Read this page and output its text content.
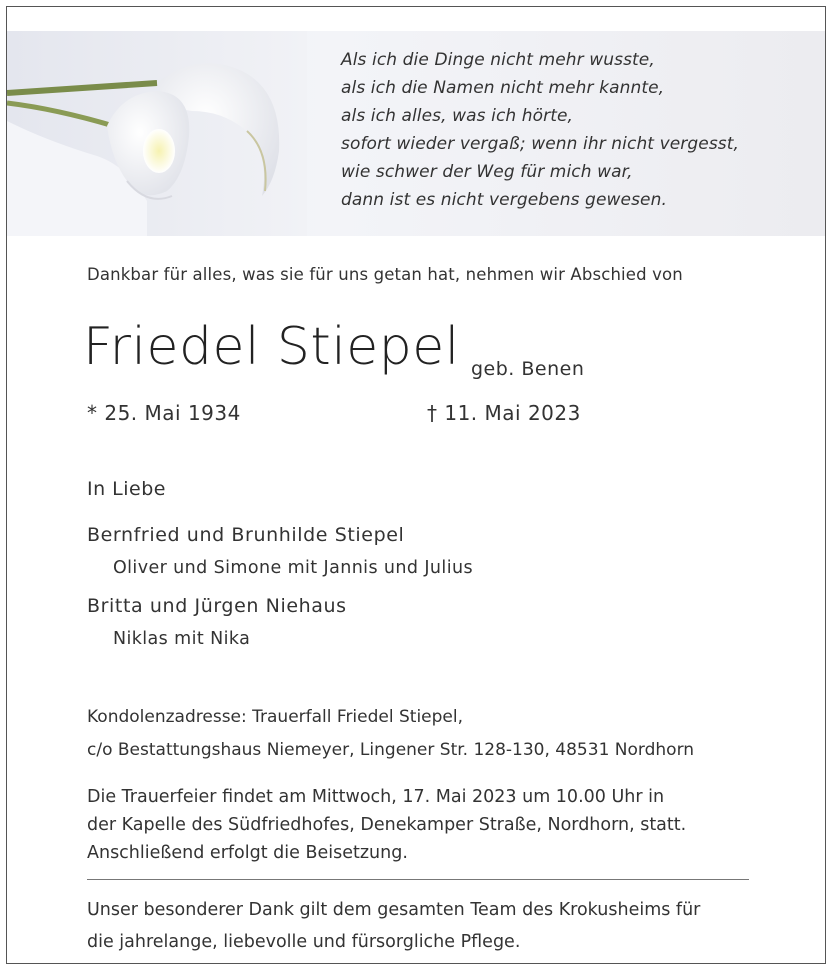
Als ich die Dinge nicht mehr wusste,
als ich die Namen nicht mehr kannte,
als ich alles, was ich hörte,
sofort wieder vergaß; wenn ihr nicht vergesst,
wie schwer der Weg für mich war,
dann ist es nicht vergebens gewesen.
Dankbar für alles, was sie für uns getan hat, nehmen wir Abschied von
Friedel Stiepel geb. Benen
* 25. Mai 1934	† 11. Mai 2023
In Liebe
Bernfried und Brunhilde Stiepel
Oliver und Simone mit Jannis und Julius
Britta und Jürgen Niehaus
Niklas mit Nika
Kondolenzadresse: Trauerfall Friedel Stiepel,
c/o Bestattungshaus Niemeyer, Lingener Str. 128-130, 48531 Nordhorn
Die Trauerfeier findet am Mittwoch, 17. Mai 2023 um 10.00 Uhr in
der Kapelle des Südfriedhofes, Denekamper Straße, Nordhorn, statt.
Anschließend erfolgt die Beisetzung.
Unser besonderer Dank gilt dem gesamten Team des Krokusheims für
die jahrelange, liebevolle und fürsorgliche Pflege.
